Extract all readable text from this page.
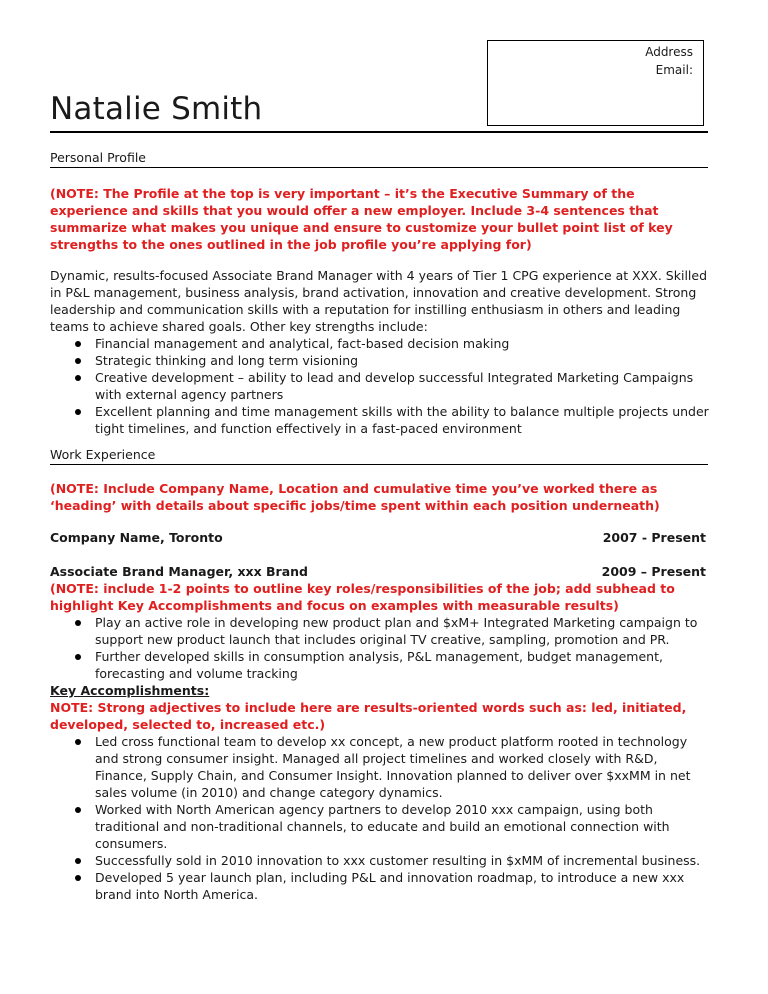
Address
Email:
Natalie Smith
Personal Profile
(NOTE: The Profile at the top is very important – it’s the Executive Summary of the experience and skills that you would offer a new employer. Include 3-4 sentences that summarize what makes you unique and ensure to customize your bullet point list of key strengths to the ones outlined in the job profile you’re applying for)
Dynamic, results-focused Associate Brand Manager with 4 years of Tier 1 CPG experience at XXX. Skilled in P&L management, business analysis, brand activation, innovation and creative development. Strong leadership and communication skills with a reputation for instilling enthusiasm in others and leading teams to achieve shared goals. Other key strengths include:
Financial management and analytical, fact-based decision making
Strategic thinking and long term visioning
Creative development – ability to lead and develop successful Integrated Marketing Campaigns with external agency partners
Excellent planning and time management skills with the ability to balance multiple projects under tight timelines, and function effectively in a fast-paced environment
Work Experience
(NOTE: Include Company Name, Location and cumulative time you’ve worked there as ‘heading’ with details about specific jobs/time spent within each position underneath)
Company Name, Toronto	2007 - Present
Associate Brand Manager, xxx Brand	2009 – Present
(NOTE: include 1-2 points to outline key roles/responsibilities of the job; add subhead to highlight Key Accomplishments and focus on examples with measurable results)
Play an active role in developing new product plan and $xM+ Integrated Marketing campaign to support new product launch that includes original TV creative, sampling, promotion and PR.
Further developed skills in consumption analysis, P&L management, budget management, forecasting and volume tracking
Key Accomplishments:
NOTE: Strong adjectives to include here are results-oriented words such as: led, initiated, developed, selected to, increased etc.)
Led cross functional team to develop xx concept, a new product platform rooted in technology and strong consumer insight. Managed all project timelines and worked closely with R&D, Finance, Supply Chain, and Consumer Insight. Innovation planned to deliver over $xxMM in net sales volume (in 2010) and change category dynamics.
Worked with North American agency partners to develop 2010 xxx campaign, using both traditional and non-traditional channels, to educate and build an emotional connection with consumers.
Successfully sold in 2010 innovation to xxx customer resulting in $xMM of incremental business.
Developed 5 year launch plan, including P&L and innovation roadmap, to introduce a new xxx brand into North America.
